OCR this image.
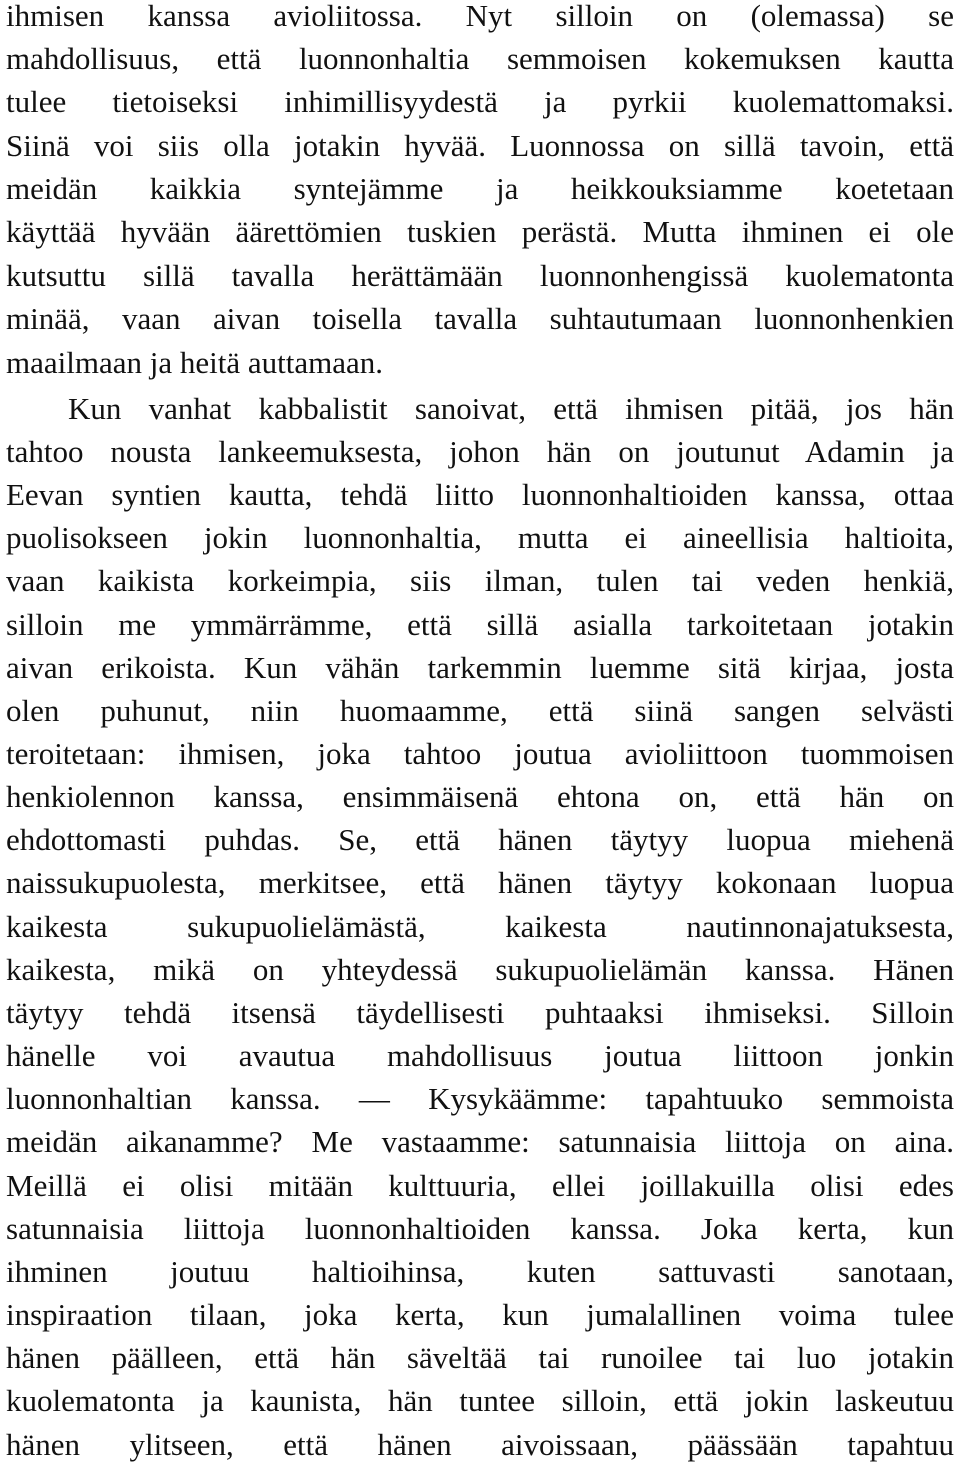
ihmisen kanssa avioliitossa. Nyt silloin on (olemassa) se
mahdollisuus, että luonnonhaltia semmoisen kokemuksen kautta
tulee tietoiseksi inhimillisyydestä ja pyrkii kuolemattomaksi.
Siinä voi siis olla jotakin hyvää. Luonnossa on sillä tavoin, että
meidän kaikkia syntejämme ja heikkouksiamme koetetaan
käyttää hyvään äärettömien tuskien perästä. Mutta ihminen ei ole
kutsuttu sillä tavalla herättämään luonnonhengissä kuolematonta
minää, vaan aivan toisella tavalla suhtautumaan luonnonhenkien
maailmaan ja heitä auttamaan.
Kun vanhat kabbalistit sanoivat, että ihmisen pitää, jos hän
tahtoo nousta lankeemuksesta, johon hän on joutunut Adamin ja
Eevan syntien kautta, tehdä liitto luonnonhaltioiden kanssa, ottaa
puolisokseen jokin luonnonhaltia, mutta ei aineellisia haltioita,
vaan kaikista korkeimpia, siis ilman, tulen tai veden henkiä,
silloin me ymmärrämme, että sillä asialla tarkoitetaan jotakin
aivan erikoista. Kun vähän tarkemmin luemme sitä kirjaa, josta
olen puhunut, niin huomaamme, että siinä sangen selvästi
teroitetaan: ihmisen, joka tahtoo joutua avioliittoon tuommoisen
henkiolennon kanssa, ensimmäisenä ehtona on, että hän on
ehdottomasti puhdas. Se, että hänen täytyy luopua miehenä
naissukupuolesta, merkitsee, että hänen täytyy kokonaan luopua
kaikesta sukupuolielämästä, kaikesta nautinnonajatuksesta,
kaikesta, mikä on yhteydessä sukupuolielämän kanssa. Hänen
täytyy tehdä itsensä täydellisesti puhtaaksi ihmiseksi. Silloin
hänelle voi avautua mahdollisuus joutua liittoon jonkin
luonnonhaltian kanssa. — Kysykäämme: tapahtuuko semmoista
meidän aikanamme? Me vastaamme: satunnaisia liittoja on aina.
Meillä ei olisi mitään kulttuuria, ellei joillakuilla olisi edes
satunnaisia liittoja luonnonhaltioiden kanssa. Joka kerta, kun
ihminen joutuu haltioihinsa, kuten sattuvasti sanotaan,
inspiraation tilaan, joka kerta, kun jumalallinen voima tulee
hänen päälleen, että hän säveltää tai runoilee tai luo jotakin
kuolematonta ja kaunista, hän tuntee silloin, että jokin laskeutuu
hänen ylitseen, että hänen aivoissaan, päässään tapahtuu
